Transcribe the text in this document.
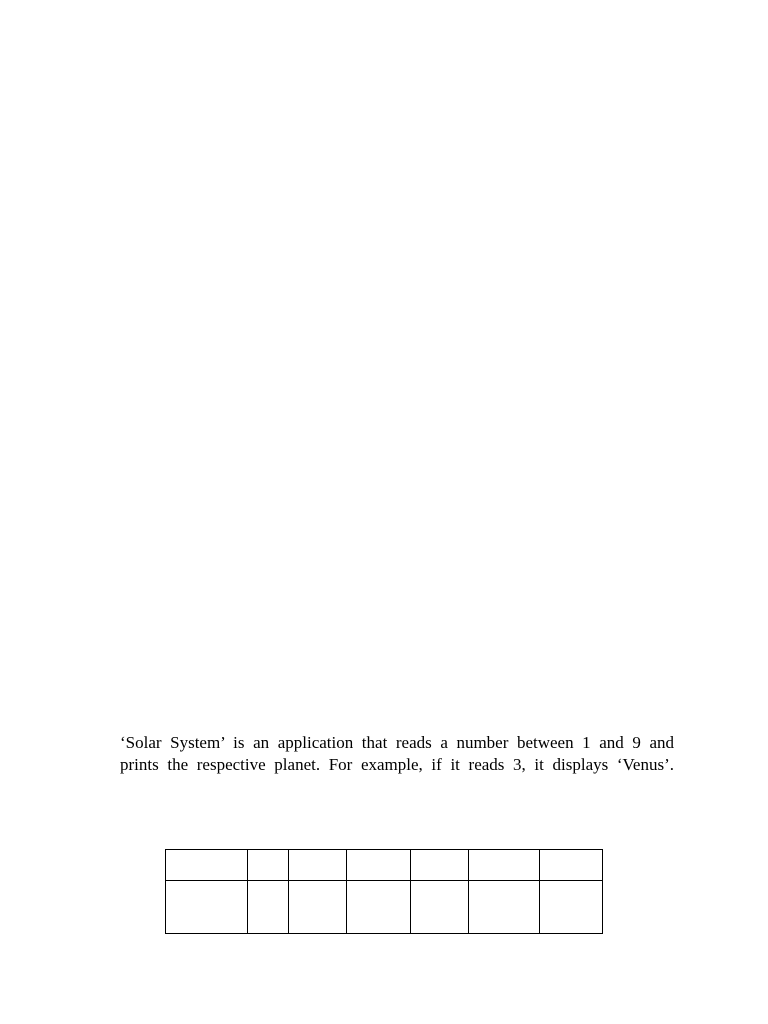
‘Solar System’ is an application that reads a number between 1 and 9 and
prints the respective planet. For example, if it reads 3, it displays ‘Venus’.
